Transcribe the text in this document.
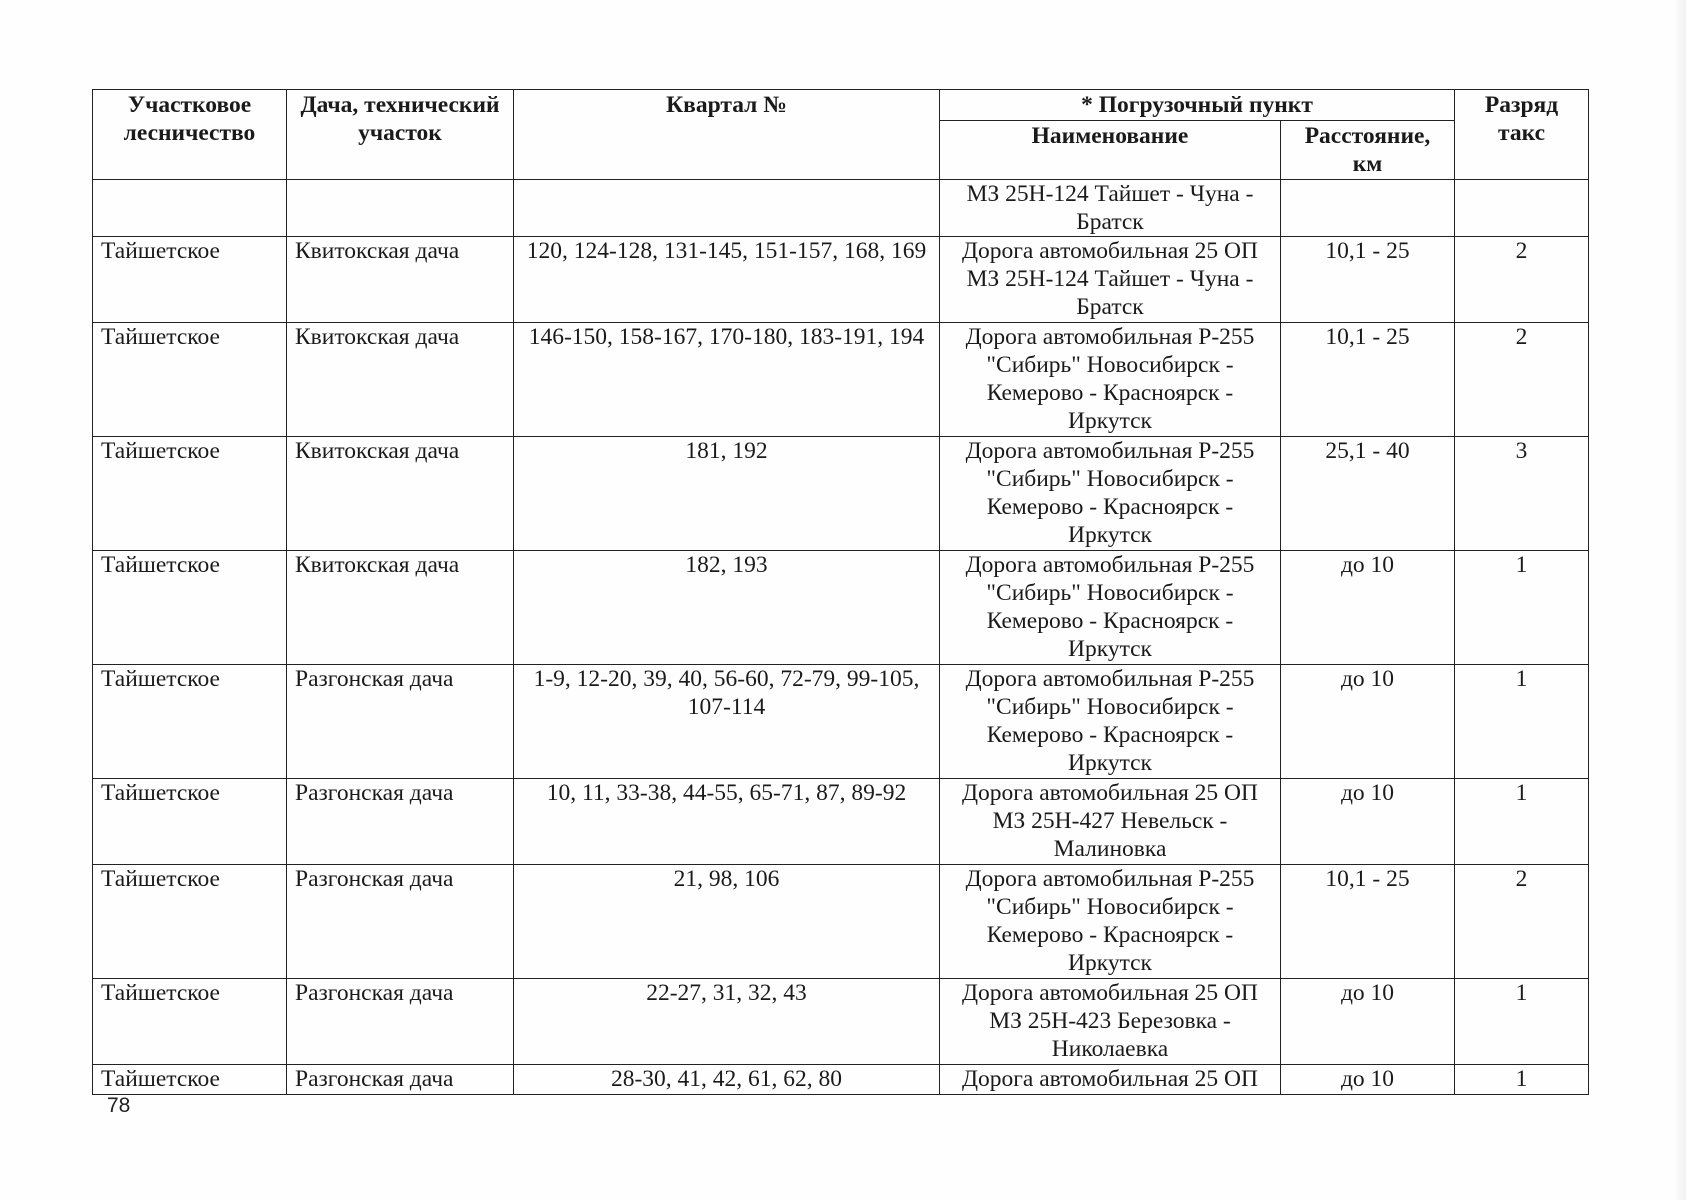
Участковое лесничество	Дача, технический участок	Квартал №	* Погрузочный пункт		Разряд такс
			Наименование	Расстояние, км	
			МЗ 25Н-124 Тайшет - Чуна -
Братск		
Тайшетское	Квитокская дача	120, 124-128, 131-145, 151-157, 168, 169	Дорога автомобильная 25 ОП
МЗ 25Н-124 Тайшет - Чуна -
Братск	10,1 - 25	2
Тайшетское	Квитокская дача	146-150, 158-167, 170-180, 183-191, 194	Дорога автомобильная Р-255
"Сибирь" Новосибирск -
Кемерово - Красноярск -
Иркутск	10,1 - 25	2
Тайшетское	Квитокская дача	181, 192	Дорога автомобильная Р-255
"Сибирь" Новосибирск -
Кемерово - Красноярск -
Иркутск	25,1 - 40	3
Тайшетское	Квитокская дача	182, 193	Дорога автомобильная Р-255
"Сибирь" Новосибирск -
Кемерово - Красноярск -
Иркутск	до 10	1
Тайшетское	Разгонская дача	1-9, 12-20, 39, 40, 56-60, 72-79, 99-105, 107-114	Дорога автомобильная Р-255
"Сибирь" Новосибирск -
Кемерово - Красноярск -
Иркутск	до 10	1
Тайшетское	Разгонская дача	10, 11, 33-38, 44-55, 65-71, 87, 89-92	Дорога автомобильная 25 ОП
МЗ 25Н-427 Невельск -
Малиновка	до 10	1
Тайшетское	Разгонская дача	21, 98, 106	Дорога автомобильная Р-255
"Сибирь" Новосибирск -
Кемерово - Красноярск -
Иркутск	10,1 - 25	2
Тайшетское	Разгонская дача	22-27, 31, 32, 43	Дорога автомобильная 25 ОП
МЗ 25Н-423 Березовка -
Николаевка	до 10	1
Тайшетское	Разгонская дача	28-30, 41, 42, 61, 62, 80	Дорога автомобильная 25 ОП	до 10	1
78
